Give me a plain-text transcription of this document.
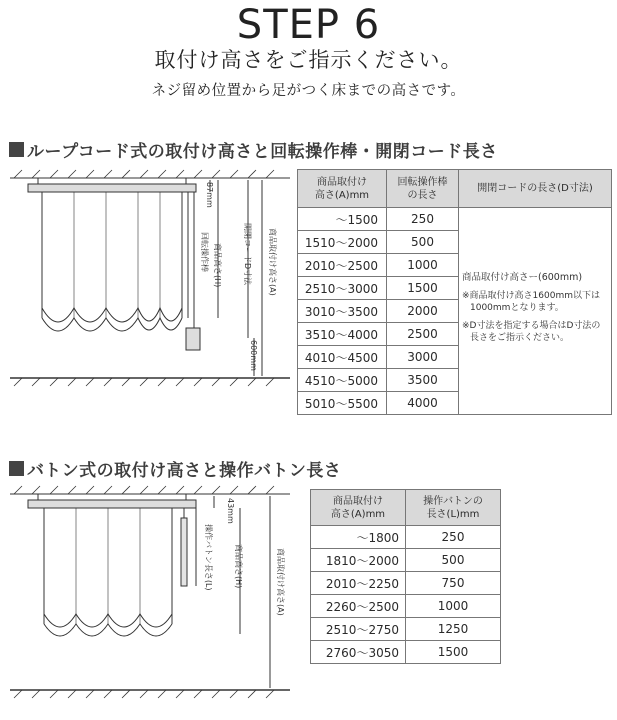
STEP 6
取付け高さをご指示ください。
ネジ留め位置から足がつく床までの高さです。
ループコード式の取付け高さと回転操作棒・開閉コード長さ
87mm
回転操作棒 商品高さ(H)	開閉コードD寸法 商品取付け高さ(A)
600mm
商品取付け
高さ(A)mm	回転操作棒
の長さ	開閉コードの長さ(D寸法)
～1500	250	商品取付け高さー(600mm)
※商品取付け高さ1600mm以下は1000mmとなります。
※D寸法を指定する場合はD寸法の長さをご指示ください。

1510～2000	500	
2010～2500	1000	
2510～3000	1500	
3010～3500	2000	
3510～4000	2500	
4010～4500	3000	
4510～5000	3500	
5010～5500	4000	
バトン式の取付け高さと操作バトン長さ
43mm
操作バトン長さ(L)	商品高さ(H)	商品取付け高さ(A)
商品取付け
高さ(A)mm	操作バトンの
長さ(L)mm
～1800	250
1810～2000	500
2010～2250	750
2260～2500	1000
2510～2750	1250
2760～3050	1500
